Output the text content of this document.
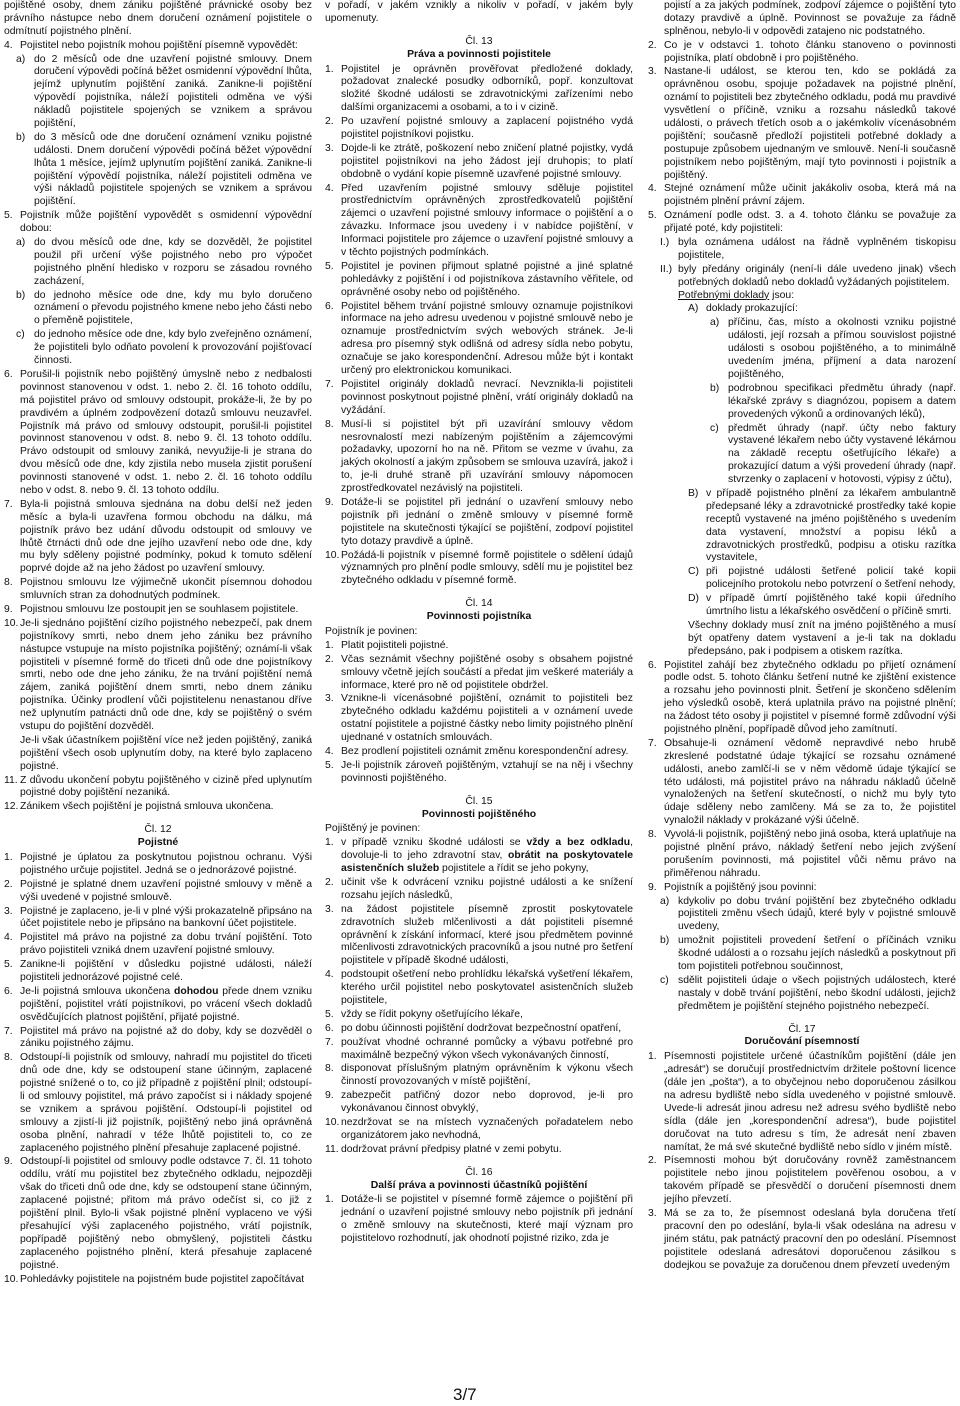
pojištěné osoby, dnem zániku pojištěné právnické osoby bez právního nástupce nebo dnem doručení oznámení pojistitele o odmítnutí pojistného plnění.

4. Pojistitel nebo pojistník mohou pojištění písemně vypovědět:
a) do 2 měsíců ode dne uzavření pojistné smlouvy. Dnem doručení výpovědi počíná běžet osmidenní výpovědní lhůta, jejímž uplynutím pojištění zaniká. Zanikne-li pojištění výpovědí pojistníka, náleží pojistiteli odměna ve výši nákladů pojistitele spojených se vznikem a správou pojištění,
b) do 3 měsíců ode dne doručení oznámení vzniku pojistné události. Dnem doručení výpovědi počíná běžet výpovědní lhůta 1 měsíce, jejímž uplynutím pojištění zaniká. Zanikne-li pojištění výpovědí pojistníka, náleží pojistiteli odměna ve výši nákladů pojistitele spojených se vznikem a správou pojištění.
5. Pojistník může pojištění vypovědět s osmidenní výpovědní dobou:
a) do dvou měsíců ode dne, kdy se dozvěděl, že pojistitel použil při určení výše pojistného nebo pro výpočet pojistného plnění hledisko v rozporu se zásadou rovného zacházení,
b) do jednoho měsíce ode dne, kdy mu bylo doručeno oznámení o převodu pojistného kmene nebo jeho části nebo o přeměně pojistitele,
c) do jednoho měsíce ode dne, kdy bylo zveřejněno oznámení, že pojistiteli bylo odňato povolení k provozování pojišťovací činnosti.
6. Porušil-li pojistník nebo pojištěný úmyslně nebo z nedbalosti povinnost stanovenou v odst. 1. nebo 2. čl. 16 tohoto oddílu, má pojistitel právo od smlouvy odstoupit, prokáže-li, že by po pravdivém a úplném zodpovězení dotazů smlouvu neuzavřel. Pojistník má právo od smlouvy odstoupit, porušil-li pojistitel povinnost stanovenou v odst. 8. nebo 9. čl. 13 tohoto oddílu. Právo odstoupit od smlouvy zaniká, nevyužije-li je strana do dvou měsíců ode dne, kdy zjistila nebo musela zjistit porušení povinnosti stanovené v odst. 1. nebo 2. čl. 16 tohoto oddílu nebo v odst. 8. nebo 9. čl. 13 tohoto oddílu.
7. Byla-li pojistná smlouva sjednána na dobu delší než jeden měsíc a byla-li uzavřena formou obchodu na dálku, má pojistník právo bez udání důvodu odstoupit od smlouvy ve lhůtě čtrnácti dnů ode dne jejího uzavření nebo ode dne, kdy mu byly sděleny pojistné podmínky, pokud k tomuto sdělení poprvé dojde až na jeho žádost po uzavření smlouvy.
8. Pojistnou smlouvu lze výjimečně ukončit písemnou dohodou smluvních stran za dohodnutých podmínek.
9. Pojistnou smlouvu lze postoupit jen se souhlasem pojistitele.
10. Je-li sjednáno pojištění cizího pojistného nebezpečí, pak dnem pojistníkovy smrti, nebo dnem jeho zániku bez právního nástupce vstupuje na místo pojistníka pojištěný; oznámí-li však pojistiteli v písemné formě do třiceti dnů ode dne pojistníkovy smrti, nebo ode dne jeho zániku, že na trvání pojištění nemá zájem, zaniká pojištění dnem smrti, nebo dnem zániku pojistníka. Účinky prodlení vůči pojistitelenu nenastanou dříve než uplynutím patnácti dnů ode dne, kdy se pojištěný o svém vstupu do pojištění dozvěděl.

Je-li však účastníkem pojištění více než jeden pojištěný, zaniká pojištění všech osob uplynutím doby, na které bylo zaplaceno pojistné.

11. Z důvodu ukončení pobytu pojištěného v cizině před uplynutím pojistné doby pojištění nezaniká.
12. Zánikem všech pojištění je pojistná smlouva ukončena.
Čl. 12
Pojistné
1. Pojistné je úplatou za poskytnutou pojistnou ochranu. Výši pojistného určuje pojistitel. Jedná se o jednorázové pojistné.
2. Pojistné je splatné dnem uzavření pojistné smlouvy v měně a výši uvedené v pojistné smlouvě.
3. Pojistné je zaplaceno, je-li v plné výši prokazatelně připsáno na účet pojistitele nebo je připsáno na bankovní účet pojistitele.
4. Pojistitel má právo na pojistné za dobu trvání pojištění. Toto právo pojistiteli vzniká dnem uzavření pojistné smlouvy.
5. Zanikne-li pojištění v důsledku pojistné události, náleží pojistiteli jednorázové pojistné celé.
6. Je-li pojistná smlouva ukončena dohodou přede dnem vzniku pojištění, pojistitel vrátí pojistníkovi, po vrácení všech dokladů osvědčujících platnost pojištění, přijaté pojistné.
7. Pojistitel má právo na pojistné až do doby, kdy se dozvěděl o zániku pojistného zájmu.
8. Odstoupí-li pojistník od smlouvy, nahradí mu pojistitel do třiceti dnů ode dne, kdy se odstoupení stane účinným, zaplacené pojistné snížené o to, co již případně z pojištění plnil; odstoupí-li od smlouvy pojistitel, má právo započíst si i náklady spojené se vznikem a správou pojištění. Odstoupí-li pojistitel od smlouvy a zjistí-li již pojistník, pojištěný nebo jiná oprávněná osoba plnění, nahradí v téže lhůtě pojistiteli to, co ze zaplaceného pojistného plnění přesahuje zaplacené pojistné.
9. Odstoupí-li pojistitel od smlouvy podle odstavce 7. čl. 11 tohoto oddílu, vrátí mu pojistitel bez zbytečného odkladu, nejpozději však do třiceti dnů ode dne, kdy se odstoupení stane účinným, zaplacené pojistné; přitom má právo odečíst si, co již z pojištění plnil. Bylo-li však pojistné plnění vyplaceno ve výši přesahující výši zaplaceného pojistného, vrátí pojistník, popřípadě pojištěný nebo obmyšlený, pojistiteli částku zaplaceného pojistného plnění, která přesahuje zaplacené pojistné.
10. Pohledávky pojistitele na pojistném bude pojistitel započítávat

v pořadí, v jakém vznikly a nikoliv v pořadí, v jakém byly upomenuty.

Čl. 13
Práva a povinnosti pojistitele
1. Pojistitel je oprávněn prověřovat předložené doklady, požadovat znalecké posudky odborníků, popř. konzultovat složité škodné události se zdravotnickými zařízeními nebo dalšími organizacemi a osobami, a to i v cizině.
2. Po uzavření pojistné smlouvy a zaplacení pojistného vydá pojistitel pojistníkovi pojistku.
3. Dojde-li ke ztrátě, poškození nebo zničení platné pojistky, vydá pojistitel pojistníkovi na jeho žádost její druhopis; to platí obdobně o vydání kopie písemně uzavřené pojistné smlouvy.
4. Před uzavřením pojistné smlouvy sděluje pojistitel prostřednictvím oprávněných zprostředkovatelů pojištění zájemci o uzavření pojistné smlouvy informace o pojištění a o závazku. Informace jsou uvedeny i v nabídce pojištění, v Informaci pojistitele pro zájemce o uzavření pojistné smlouvy a v těchto pojistných podmínkách.
5. Pojistitel je povinen přijmout splatné pojistné a jiné splatné pohledávky z pojištění i od pojistníkova zástavního věřitele, od oprávněné osoby nebo od pojištěného.
6. Pojistitel během trvání pojistné smlouvy oznamuje pojistníkovi informace na jeho adresu uvedenou v pojistné smlouvě nebo je oznamuje prostřednictvím svých webových stránek. Je-li adresa pro písemný styk odlišná od adresy sídla nebo pobytu, označuje se jako korespondenční. Adresou může být i kontakt určený pro elektronickou komunikaci.
7. Pojistitel originály dokladů nevrací. Nevznikla-li pojistiteli povinnost poskytnout pojistné plnění, vrátí originály dokladů na vyžádání.
8. Musí-li si pojistitel být při uzavírání smlouvy vědom nesrovnalostí mezi nabízeným pojištěním a zájemcovými požadavky, upozorní ho na ně. Přitom se vezme v úvahu, za jakých okolností a jakým způsobem se smlouva uzavírá, jakož i to, je-li druhé straně při uzavírání smlouvy nápomocen zprostředkovatel nezávislý na pojistiteli.
9. Dotáže-li se pojistitel při jednání o uzavření smlouvy nebo pojistník při jednání o změně smlouvy v písemné formě pojistitele na skutečnosti týkající se pojištění, zodpoví pojistitel tyto dotazy pravdivě a úplně.
10. Požádá-li pojistník v písemné formě pojistitele o sdělení údajů významných pro plnění podle smlouvy, sdělí mu je pojistitel bez zbytečného odkladu v písemné formě.
Čl. 14
Povinnosti pojistníka

Pojistník je povinen:

1. Platit pojistiteli pojistné.
2. Včas seznámit všechny pojištěné osoby s obsahem pojistné smlouvy včetně jejích součástí a předat jim veškeré materiály a informace, které pro ně od pojistitele obdržel.
3. Vznikne-li vícenásobné pojištění, oznámit to pojistiteli bez zbytečného odkladu každému pojistiteli a v oznámení uvede ostatní pojistitele a pojistné částky nebo limity pojistného plnění ujednané v ostatních smlouvách.
4. Bez prodlení pojistiteli oznámit změnu korespondenční adresy.
5. Je-li pojistník zároveň pojištěným, vztahují se na něj i všechny povinnosti pojištěného.
Čl. 15
Povinnosti pojištěného

Pojištěný je povinen:

1. v případě vzniku škodné události se vždy a bez odkladu, dovoluje-li to jeho zdravotní stav, obrátit na poskytovatele asistenčních služeb pojistitele a řídit se jeho pokyny,
2. učinit vše k odvrácení vzniku pojistné události a ke snížení rozsahu jejích následků,
3. na žádost pojistitele písemně zprostit poskytovatele zdravotních služeb mlčenlivosti a dát pojistiteli písemné oprávnění k získání informací, které jsou předmětem povinné mlčenlivosti zdravotnických pracovníků a jsou nutné pro šetření pojistitele v případě škodné události,
4. podstoupit ošetření nebo prohlídku lékařská vyšetření lékařem, kterého určil pojistitel nebo poskytovatel asistenčních služeb pojistitele,
5. vždy se řídit pokyny ošetřujícího lékaře,
6. po dobu účinnosti pojištění dodržovat bezpečnostní opatření,
7. používat vhodné ochranné pomůcky a výbavu potřebné pro maximálně bezpečný výkon všech vykonávaných činností,
8. disponovat příslušným platným oprávněním k výkonu všech činností provozovaných v místě pojištění,
9. zabezpečit patřičný dozor nebo doprovod, je-li pro vykonávanou činnost obvyklý,
10. nezdržovat se na místech vyznačených pořadatelem nebo organizátorem jako nevhodná,
11. dodržovat právní předpisy platné v zemi pobytu.
Čl. 16
Další práva a povinnosti účastníků pojištění
1. Dotáže-li se pojistitel v písemné formě zájemce o pojištění při jednání o uzavření pojistné smlouvy nebo pojistník při jednání o změně smlouvy na skutečnosti, které mají význam pro pojistitelovo rozhodnutí, jak ohodnotí pojistné riziko, zda je

pojistí a za jakých podmínek, zodpoví zájemce o pojištění tyto dotazy pravdivě a úplně. Povinnost se považuje za řádně splněnou, nebylo-li v odpovědi zatajeno nic podstatného.

2. Co je v odstavci 1. tohoto článku stanoveno o povinnosti pojistníka, platí obdobně i pro pojištěného.
3. Nastane-li událost, se kterou ten, kdo se pokládá za oprávněnou osobu, spojuje požadavek na pojistné plnění, oznámí to pojistiteli bez zbytečného odkladu, podá mu pravdivé vysvětlení o příčině, vzniku a rozsahu následků takové události, o právech třetích osob a o jakémkoliv vícenásobném pojištění; současně předloží pojistiteli potřebné doklady a postupuje způsobem ujednaným ve smlouvě. Není-li současně pojistníkem nebo pojištěným, mají tyto povinnosti i pojistník a pojištěný.
4. Stejné oznámení může učinit jakákoliv osoba, která má na pojistném plnění právní zájem.
5. Oznámení podle odst. 3. a 4. tohoto článku se považuje za přijaté poté, kdy pojistiteli:
I.) byla oznámena událost na řádně vyplněném tiskopisu pojistitele,
II.) byly předány originály (není-li dále uvedeno jinak) všech potřebných dokladů nebo dokladů vyžádaných pojistitelem.
Potřebnými doklady jsou:
A) doklady prokazující:
a) příčinu, čas, místo a okolnosti vzniku pojistné události, její rozsah a přímou souvislost pojistné události s osobou pojištěného, a to minimálně uvedením jména, příjmení a data narození pojištěného,
b) podrobnou specifikaci předmětu úhrady (např. lékařské zprávy s diagnózou, popisem a datem provedených výkonů a ordinovaných léků),
c) předmět úhrady (např. účty nebo faktury vystavené lékařem nebo účty vystavené lékárnou na základě receptu ošetřujícího lékaře) a prokazující datum a výši provedení úhrady (např. stvrzenky o zaplacení v hotovosti, výpisy z účtu),
B) v případě pojistného plnění za lékařem ambulantně předepsané léky a zdravotnické prostředky také kopie receptů vystavené na jméno pojištěného s uvedením data vystavení, množství a popisu léků a zdravotnických prostředků, podpisu a otisku razítka vystavitele,
C) při pojistné události šetřené policií také kopii policejního protokolu nebo potvrzení o šetření nehody,
D) v případě úmrtí pojištěného také kopii úředního úmrtního listu a lékařského osvědčení o příčině smrti.

Všechny doklady musí znít na jméno pojištěného a musí být opatřeny datem vystavení a je-li tak na dokladu předepsáno, pak i podpisem a otiskem razítka.

6. Pojistitel zahájí bez zbytečného odkladu po přijetí oznámení podle odst. 5. tohoto článku šetření nutné ke zjištění existence a rozsahu jeho povinnosti plnit. Šetření je skončeno sdělením jeho výsledků osobě, která uplatnila právo na pojistné plnění; na žádost této osoby ji pojistitel v písemné formě zdůvodní výši pojistného plnění, popřípadě důvod jeho zamítnutí.
7. Obsahuje-li oznámení vědomě nepravdivé nebo hrubě zkreslené podstatné údaje týkající se rozsahu oznámené události, anebo zamlčí-li se v něm vědomě údaje týkající se této události, má pojistitel právo na náhradu nákladů účelně vynaložených na šetření skutečností, o nichž mu byly tyto údaje sděleny nebo zamlčeny. Má se za to, že pojistitel vynaložil náklady v prokázané výši účelně.
8. Vyvolá-li pojistník, pojištěný nebo jiná osoba, která uplatňuje na pojistné plnění právo, nákladý šetření nebo jejich zvýšení porušením povinnosti, má pojistitel vůči němu právo na přiměřenou náhradu.
9. Pojistník a pojištěný jsou povinni:
a) kdykoliv po dobu trvání pojištění bez zbytečného odkladu pojistiteli změnu všech údajů, které byly v pojistné smlouvě uvedeny,
b) umožnit pojistiteli provedení šetření o příčinách vzniku škodné události a o rozsahu jejích následků a poskytnout při tom pojistiteli potřebnou součinnost,
c) sdělit pojistiteli údaje o všech pojistných událostech, které nastaly v době trvání pojištění, nebo škodní události, jejichž předmětem je pojištění stejného pojistného nebezpečí.
Čl. 17
Doručování písemností
1. Písemnosti pojistitele určené účastníkům pojištění (dále jen „adresát“) se doručují prostřednictvím držitele poštovní licence (dále jen „pošta“), a to obyčejnou nebo doporučenou zásilkou na adresu bydliště nebo sídla uvedeného v pojistné smlouvě. Uvede-li adresát jinou adresu než adresu svého bydliště nebo sídla (dále jen „korespondenční adresa“), bude pojistitel doručovat na tuto adresu s tím, že adresát není zbaven namítat, že má své skutečné bydliště nebo sídlo v jiném místě.
2. Písemnosti mohou být doručovány rovněž zaměstnancem pojistitele nebo jinou pojistitelem pověřenou osobou, a v takovém případě se přesvědčí o doručení písemnosti dnem jejího převzetí.
3. Má se za to, že písemnost odeslaná byla doručena třetí pracovní den po odeslání, byla-li však odeslána na adresu v jiném státu, pak patnáctý pracovní den po odeslání. Písemnost pojistitele odeslaná adresátovi doporučenou zásilkou s dodejkou se považuje za doručenou dnem převzetí uvedeným
3/7
